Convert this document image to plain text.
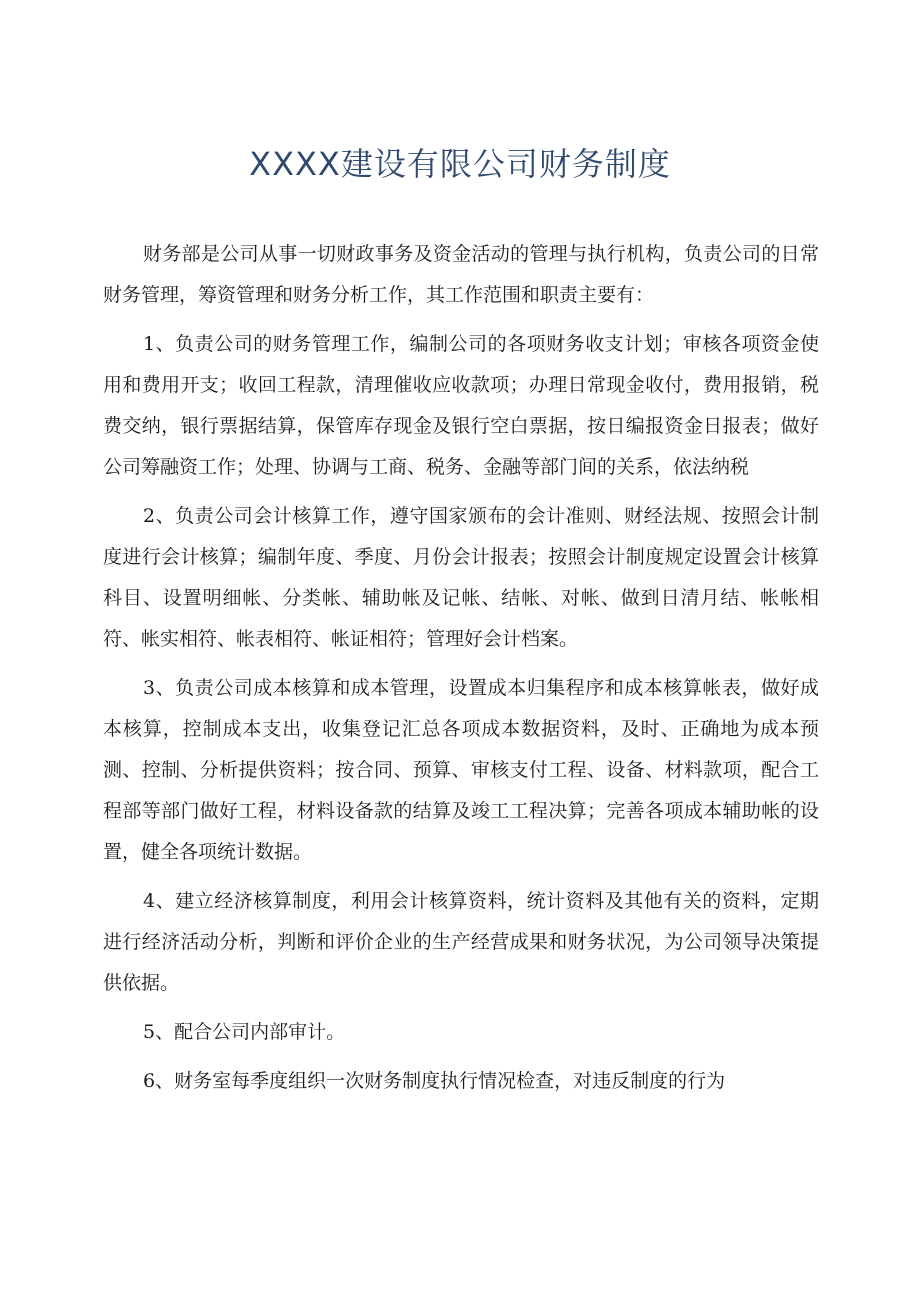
XXXX建设有限公司财务制度

财务部是公司从事一切财政事务及资金活动的管理与执行机构，负责公司的日常财务管理，筹资管理和财务分析工作，其工作范围和职责主要有：

1、负责公司的财务管理工作，编制公司的各项财务收支计划；审核各项资金使用和费用开支；收回工程款，清理催收应收款项；办理日常现金收付，费用报销，税费交纳，银行票据结算，保管库存现金及银行空白票据，按日编报资金日报表；做好公司筹融资工作；处理、协调与工商、税务、金融等部门间的关系，依法纳税

2、负责公司会计核算工作，遵守国家颁布的会计准则、财经法规、按照会计制度进行会计核算；编制年度、季度、月份会计报表；按照会计制度规定设置会计核算科目、设置明细帐、分类帐、辅助帐及记帐、结帐、对帐、做到日清月结、帐帐相符、帐实相符、帐表相符、帐证相符；管理好会计档案。

3、负责公司成本核算和成本管理，设置成本归集程序和成本核算帐表，做好成本核算，控制成本支出，收集登记汇总各项成本数据资料，及时、正确地为成本预测、控制、分析提供资料；按合同、预算、审核支付工程、设备、材料款项，配合工程部等部门做好工程，材料设备款的结算及竣工工程决算；完善各项成本辅助帐的设置，健全各项统计数据。

4、建立经济核算制度，利用会计核算资料，统计资料及其他有关的资料，定期进行经济活动分析，判断和评价企业的生产经营成果和财务状况，为公司领导决策提供依据。

5、配合公司内部审计。

6、财务室每季度组织一次财务制度执行情况检查，对违反制度的行为
